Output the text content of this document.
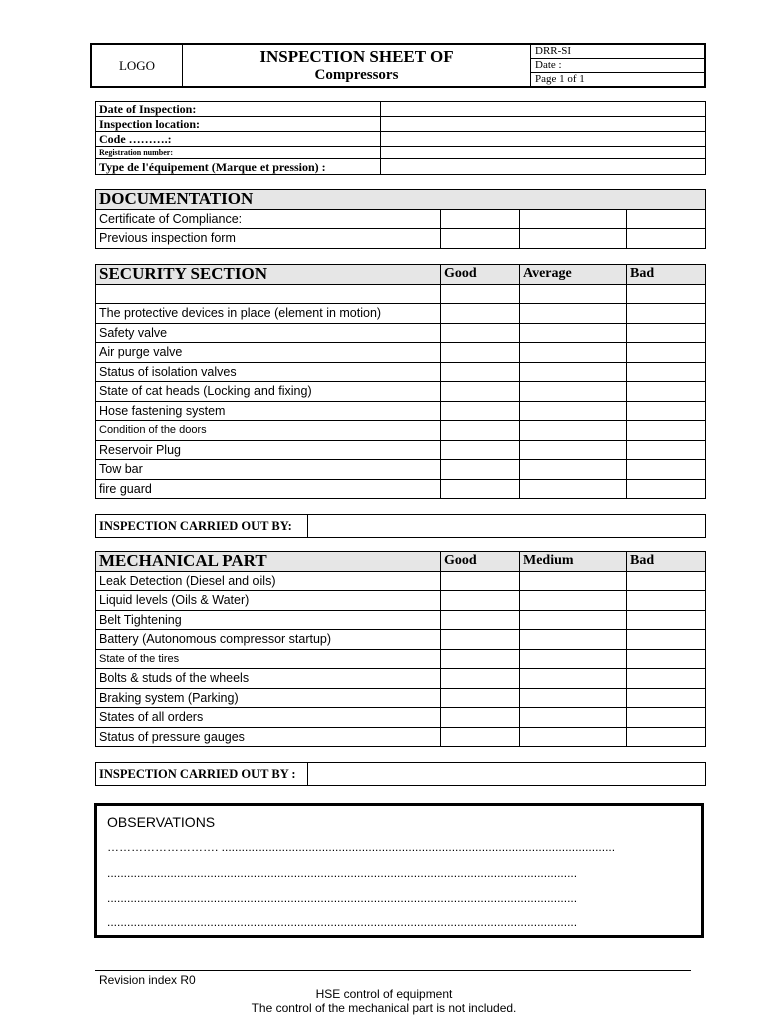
LOGO	INSPECTION SHEET OF
Compressors
	DRR-SI
Date :
Page 1 of 1
Date of Inspection:	
Inspection location:	
Code ……….:	
Registration number:	
Type de l'équipement (Marque et pression) :	
DOCUMENTATION			
Certificate of Compliance:			
Previous inspection form			
SECURITY SECTION	Good	Average	Bad

The protective devices in place (element in motion)			
Safety valve			
Air purge valve			
Status of isolation valves			
State of cat heads (Locking and fixing)			
Hose fastening system			
Condition of the doors			
Reservoir Plug			
Tow bar			
fire guard			
INSPECTION CARRIED OUT BY:
MECHANICAL PART	Good	Medium	Bad
Leak Detection (Diesel and oils)			
Liquid levels (Oils & Water)			
Belt Tightening			
Battery (Autonomous compressor startup)			
State of the tires			
Bolts & studs of the wheels			
Braking system (Parking)			
States of all orders			
Status of pressure gauges			
INSPECTION CARRIED OUT BY :
OBSERVATIONS
………………………. ......................................................................................................................
.............................................................................................................................................
.............................................................................................................................................
.............................................................................................................................................
Revision index R0
HSE control of equipment
The control of the mechanical part is not included.
